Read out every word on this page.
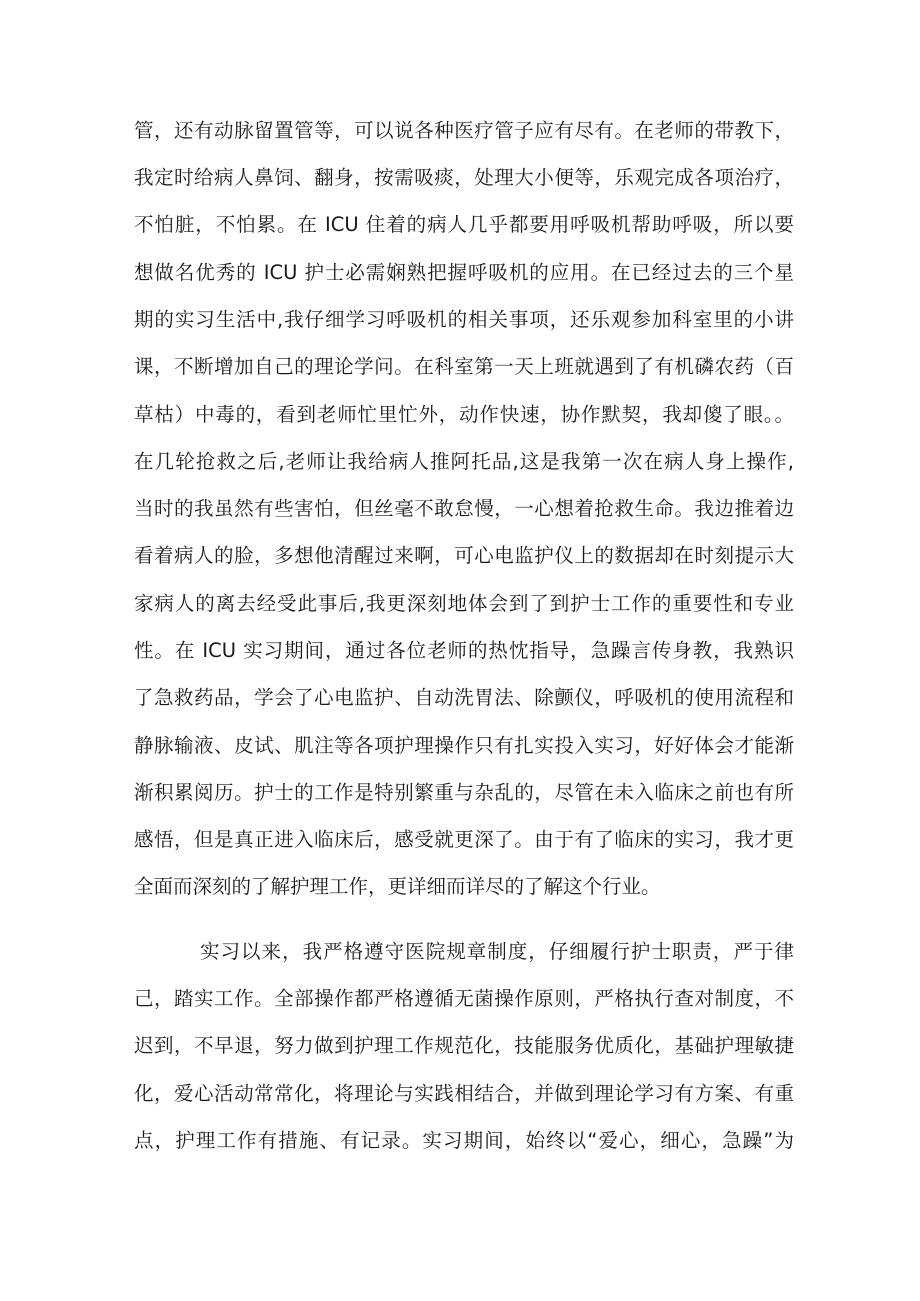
管，还有动脉留置管等，可以说各种医疗管子应有尽有。在老师的带教下，
我定时给病人鼻饲、翻身，按需吸痰，处理大小便等，乐观完成各项治疗，
不怕脏，不怕累。在 ICU 住着的病人几乎都要用呼吸机帮助呼吸，所以要
想做名优秀的 ICU 护士必需娴熟把握呼吸机的应用。在已经过去的三个星
期的实习生活中,我仔细学习呼吸机的相关事项，还乐观参加科室里的小讲
课，不断增加自己的理论学问。在科室第一天上班就遇到了有机磷农药（百
草枯）中毒的，看到老师忙里忙外，动作快速，协作默契，我却傻了眼。。
在几轮抢救之后,老师让我给病人推阿托品,这是我第一次在病人身上操作,
当时的我虽然有些害怕，但丝毫不敢怠慢，一心想着抢救生命。我边推着边
看着病人的脸，多想他清醒过来啊，可心电监护仪上的数据却在时刻提示大
家病人的离去经受此事后,我更深刻地体会到了到护士工作的重要性和专业
性。在 ICU 实习期间，通过各位老师的热忱指导，急躁言传身教，我熟识
了急救药品，学会了心电监护、自动洗胃法、除颤仪，呼吸机的使用流程和
静脉输液、皮试、肌注等各项护理操作只有扎实投入实习，好好体会才能渐
渐积累阅历。护士的工作是特别繁重与杂乱的，尽管在未入临床之前也有所
感悟，但是真正进入临床后，感受就更深了。由于有了临床的实习，我才更
全面而深刻的了解护理工作，更详细而详尽的了解这个行业。
实习以来，我严格遵守医院规章制度，仔细履行护士职责，严于律
己，踏实工作。全部操作都严格遵循无菌操作原则，严格执行查对制度，不
迟到，不早退，努力做到护理工作规范化，技能服务优质化，基础护理敏捷
化，爱心活动常常化，将理论与实践相结合，并做到理论学习有方案、有重
点，护理工作有措施、有记录。实习期间，始终以“爱心，细心，急躁”为
